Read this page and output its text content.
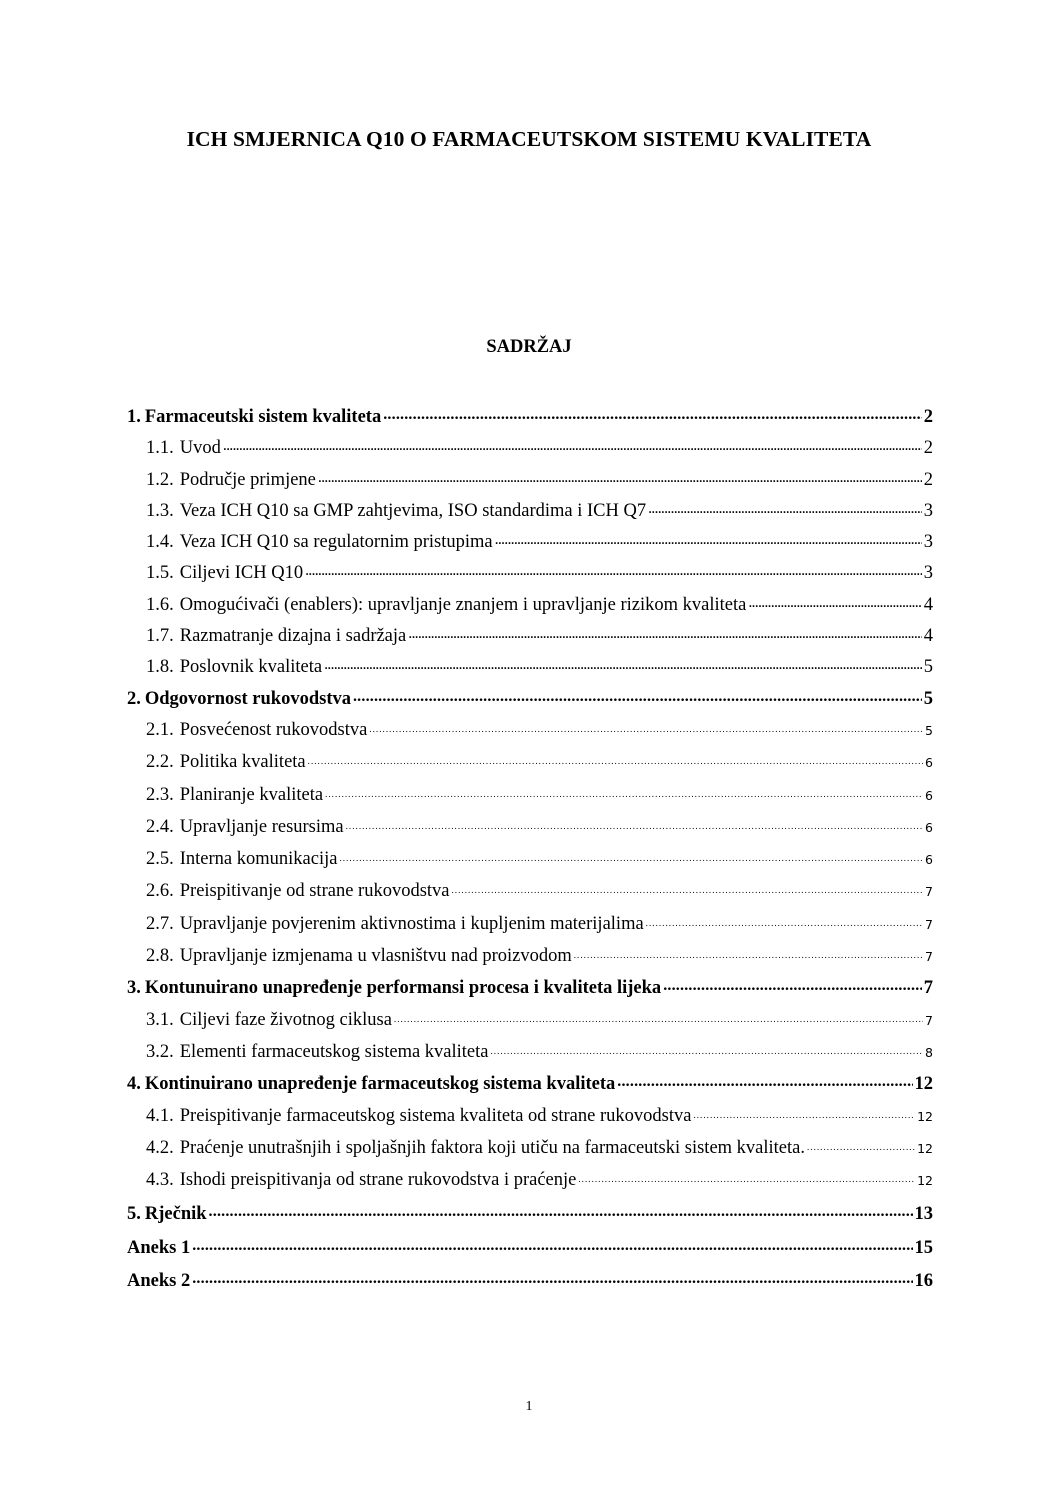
ICH SMJERNICA Q10 O FARMACEUTSKOM SISTEMU KVALITETA
SADRŽAJ
1. Farmaceutski sistem kvaliteta . . .	2
1.1. Uvod . . .	2
1.2. Područje primjene . . .	2
1.3. Veza ICH Q10 sa GMP zahtjevima, ISO standardima i ICH Q7 . . .	3
1.4. Veza ICH Q10 sa regulatornim pristupima . . .	3
1.5. Ciljevi ICH Q10 . . .	3
1.6. Omogućivači (enablers): upravljanje znanjem i upravljanje rizikom kvaliteta . . .	4
1.7. Razmatranje dizajna i sadržaja . . .	4
1.8. Poslovnik kvaliteta . . .	5
2. Odgovornost rukovodstva . . .	5
2.1. Posvećenost rukovodstva . . .	5
2.2. Politika kvaliteta . . .	6
2.3. Planiranje kvaliteta . . .	6
2.4. Upravljanje resursima . . .	6
2.5. Interna komunikacija . . .	6
2.6. Preispitivanje od strane rukovodstva . . .	7
2.7. Upravljanje povjerenim aktivnostima i kupljenim materijalima . . .	7
2.8. Upravljanje izmjenama u vlasništvu nad proizvodom . . .	7
3. Kontunuirano unapređenje performansi procesa i kvaliteta lijeka . . .	7
3.1. Ciljevi faze životnog ciklusa . . .	7
3.2. Elementi farmaceutskog sistema kvaliteta . . .	8
4. Kontinuirano unapređenje farmaceutskog sistema kvaliteta . . .	12
4.1. Preispitivanje farmaceutskog sistema kvaliteta od strane rukovodstva . . .	12
4.2. Praćenje unutrašnjih i spoljašnjih faktora koji utiču na farmaceutski sistem kvaliteta. . . .	12
4.3. Ishodi preispitivanja od strane rukovodstva i praćenje . . .	12
5. Rječnik . . .	13
Aneks 1 . . .	15
Aneks 2 . . .	16
1
